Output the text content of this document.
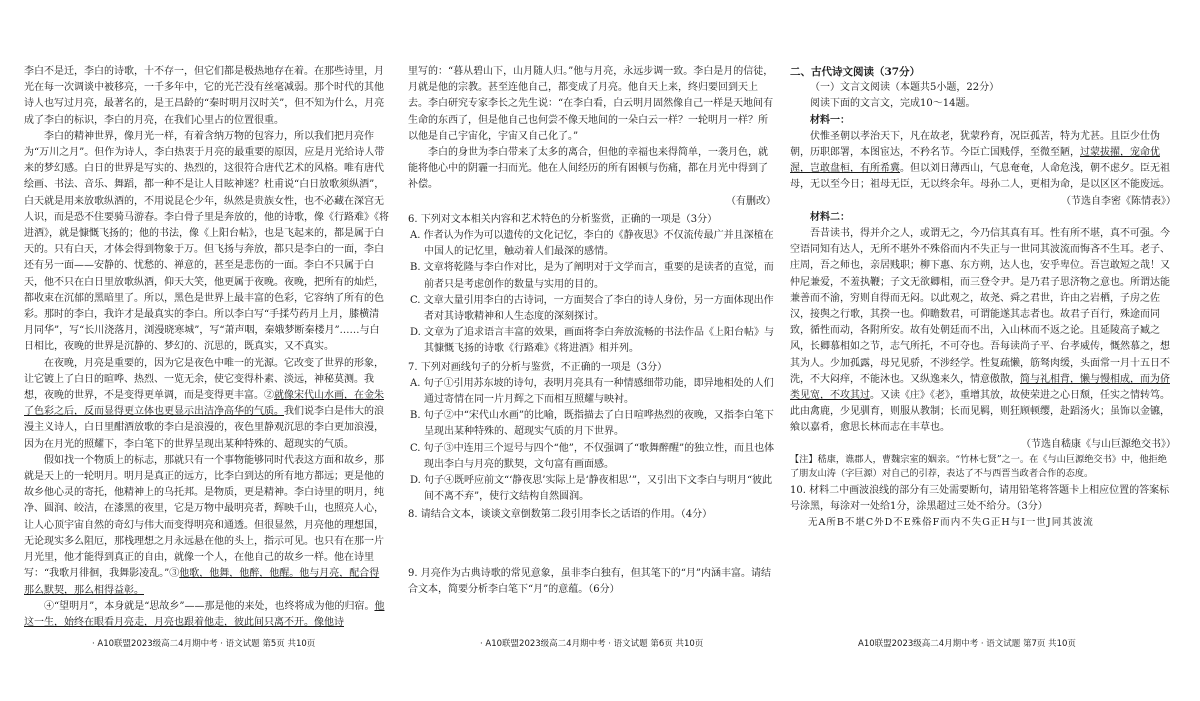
李白不是迁，李白的诗歌，十不存一，但它们都是极热地存在着。在那些诗里，月光在每一次调谈中被移亮，一千多年中，它的光芒没有丝毫减弱。那个时代的其他诗人也写过月亮，最著名的，是王昌龄的“秦时明月汉时关”，但不知为什么，月亮成了李白的标识，李白的月亮，在我们心里占的位置很重。

李白的精神世界，像月光一样，有着含纳万物的包容力，所以我们把月亮作为“万川之月”。但作为诗人，李白热衷于月亮的最重要的原因，应是月光给诗人带来的梦幻感。白日的世界是写实的、热烈的，这很符合唐代艺术的风格。唯有唐代绘画、书法、音乐、舞蹈，都一种不是让人目眩神迷？杜甫说“白日放歌须纵酒”，白天就是用来放歌纵酒的，不用说昆仑少年，纵然是贵族女性，也不必藏在深宫无人识，而是恐不住要骑马游春。李白骨子里是奔放的，他的诗歌，像《行路难》《将进酒》，就是慷慨飞扬的；他的书法，像《上阳台帖》，也是飞起来的，都是属于白天的。只有白天，才体会得到物象于万。但飞扬与奔放，都只是李白的一面，李白还有另一面——安静的、忧愁的、禅意的，甚至是悲伤的一面。李白不只属于白天，他不只在白日里放歌纵酒，仰天大笑，他更属于夜晚。夜晚，把所有的灿烂，都收束在沉郁的黑暗里了。所以，黑色是世界上最丰富的色彩，它容纳了所有的色彩。那时的李白，我许才是最真实的李白。所以李白写“手揉芍药月上月，膝横清月同华”，写“长川浇落月，浏漫晓寒城”，写“萧声咽，秦娥梦断秦楼月”……与白日相比，夜晚的世界是沉静的、梦幻的、沉思的，既真实，又不真实。

在夜晚，月亮是重要的，因为它是夜色中唯一的光源。它改变了世界的形象，让它镀上了白日的暄哗、热烈、一览无余，使它变得朴素、淡远，神秘莫测。我想，夜晚的世界，不是变得更单调，而是变得更丰富。②就像宋代山水画，在金朱了色彩之后，反而显得更立体也更显示出洁净高华的气质。我们说李白是伟大的浪漫主义诗人，白日里酣酒放歌的李白是浪漫的，夜色里静观沉思的李白更加浪漫，因为在月光的照耀下，李白笔下的世界呈现出某种特殊的、超现实的气质。

假如找一个物质上的标志，那就只有一个事物能够同时代表这方面和故乡，那就是天上的一轮明月。明月是真正的远方，比李白到达的所有地方都远；更是他的故乡他心灵的寄托，他精神上的乌托邦。是物质，更是精神。李白诗里的明月，纯净、圆润、皎洁，在漆黑的夜里，它是万物中最明亮者，辉映千山，也照亮人心，让人心顶宇宙自然的奇幻与伟大而变得明亮和通透。但很显然，月亮他的理想国，无论现实多么阻厄，那栈理想之月永远悬在他的头上，指示可见。也只有在那一片月光里，他才能得到真正的自由，就像一个人，在他自己的故乡一样。他在诗里写：“我歌月徘徊，我舞影凌乱。”③他歌，他舞，他醉，他醒。他与月亮，配合得那么默契，那么相得益彰。

④“望明月”，本身就是“思故乡”——那是他的来处，也终将成为他的归宿。他这一生，始终在眼看月亮走，月亮也跟着他走，彼此间只离不开。像他诗

里写的：“暮从碧山下，山月随人归。”他与月亮，永远步调一致。李白是月的信徒，月就是他的宗教。甚至连他自己，都变成了月亮。他自天上来，终归要回到天上去。李白研究专家李长之先生说：“在李白看，白云明月固然像自己一样是天地间有生命的东西了，但是他自己也何尝不像天地间的一朵白云一样？一轮明月一样？所以他是自己宇宙化，宇宙又自己化了。”

李白的身世为李白带来了太多的离合，但他的幸福也来得简单，一袭月色，就能将他心中的阴霾一扫而光。他在人间经历的所有困顿与伤痛，都在月光中得到了补偿。

（有删改）

6. 下列对文本相关内容和艺术特色的分析鉴赏，正确的一项是（3分）

A. 作者认为作为可以遗传的文化记忆，李白的《静夜思》不仅流传最广并且深植在中国人的记忆里，触动着人们最深的感情。

B. 文章将乾隆与李白作对比，是为了阐明对于文学而言，重要的是读者的直觉，而前者只是考虑创作的数量与实用的目的。

C. 文章大量引用李白的古诗词，一方面契合了李白的诗人身份，另一方面体现出作者对其诗歌精神和人生态度的深刻探讨。

D. 文章为了追求语言丰富的效果，画面将李白奔放流畅的书法作品《上阳台帖》与其慷慨飞扬的诗歌《行路难》《将进酒》相并列。

7. 下列对画线句子的分析与鉴赏，不正确的一项是（3分）

A. 句子①引用苏东坡的诗句，表明月亮具有一种情感细带功能，即异地相处的人们通过寄情在同一片月辉之下而相互照耀与映衬。

B. 句子②中“宋代山水画”的比喻，既指描去了白日喧哗热烈的夜晚，又指李白笔下呈现出某种特殊的、超现实气质的月下世界。

C. 句子③中连用三个逗号与四个“他”，不仅强调了“歌舞醉醒”的独立性，而且也体现出李白与月亮的默契，文句富有画面感。

D. 句子④既呼应前文“‘静夜思’实际上是‘静夜相思’”，又引出下文李白与明月“彼此间不离不弃”，使行文结构自然圆润。

8. 请结合文本，谈谈文章倒数第二段引用李长之话语的作用。（4分）

9. 月亮作为古典诗歌的常见意象，虽非李白独有，但其笔下的“月”内涵丰富。请结合文本，简要分析李白笔下“月”的意蕴。（6分）

二、古代诗文阅读（37分）

（一）文言文阅读（本题共5小题，22分）

阅读下面的文言文，完成10～14题。

材料一：

伏惟圣朝以孝治天下，凡在故老，犹蒙矜育，况臣孤苦，特为尤甚。且臣少仕伪朝，历职郎署，本图宦达，不矜名节。今臣亡国贱俘，至微至陋，过蒙拔擢，宠命优渥，岂敢盘桓，有所希冀。但以刘日薄西山，气息奄奄，人命危浅，朝不虑夕。臣无祖母，无以至今日；祖母无臣，无以终余年。母孙二人，更相为命，是以区区不能废远。

（节选自李密《陈情表》）

材料二：

吾昔读书，得并介之人，或谓无之，今乃信其真有耳。性有所不堪，真不可强。今空语同知有达人，无所不堪外不殊俗而内不失正与一世同其波流而悔吝不生耳。老子、庄周，吾之师也，亲居贱职；柳下惠、东方朔，达人也，安乎卑位。吾岂敢短之哉！又仲尼兼爱，不羞执鞭；子文无欲卿相，而三登令尹。是乃君子思济物之意也。所谓达能兼善而不渝，穷则自得而无闷。以此观之，故尧、舜之君世，许由之岩栖，子房之佐汉，接舆之行歌，其揆一也。仰瞻数君，可谓能遂其志者也。故君子百行，殊途而同致，循性而动，各附所安。故有处朝廷而不出，入山林而不返之论。且延陵高子臧之风，长卿慕相如之节，志气所托，不可夺也。吾每读尚子平、台孝威传，慨然慕之，想其为人。少加孤露，母兄见骄，不涉经学。性复疏懒，筋驽肉缓，头面常一月十五日不洗，不大闷痒，不能沐也。又纵逸来久，情意傲散，简与礼相背，懒与慢相成，而为侪类见宽，不攻其过。又读《庄》《老》，重增其放，故使荣进之心日颓，任实之情转笃。此由禽鹿，少见驯育，则服从教制；长而见羁，则狂顾顿缨，赴蹈汤火；虽饰以金镳，飨以嘉肴，愈思长林而志在丰草也。

（节选自嵇康《与山巨源绝交书》）

【注】嵇康，谯郡人，曹魏宗室的姻亲。“竹林七贤”之一。在《与山巨源绝交书》中，他拒绝了朋友山涛（字巨源）对自己的引荐，表达了不与西晋当政者合作的态度。

10. 材料二中画波浪线的部分有三处需要断句，请用铅笔将答题卡上相应位置的答案标号涂黑，每涂对一处给1分，涂黑超过三处不给分。（3分）

无A所B不堪C外D不E殊俗F而内不失G正H与I一世J同其波流

· A10联盟2023级高二4月期中考 · 语文试题 第5页 共10页	· A10联盟2023级高二4月期中考 · 语文试题 第6页 共10页	A10联盟2023级高二4月期中考 · 语文试题 第7页 共10页
